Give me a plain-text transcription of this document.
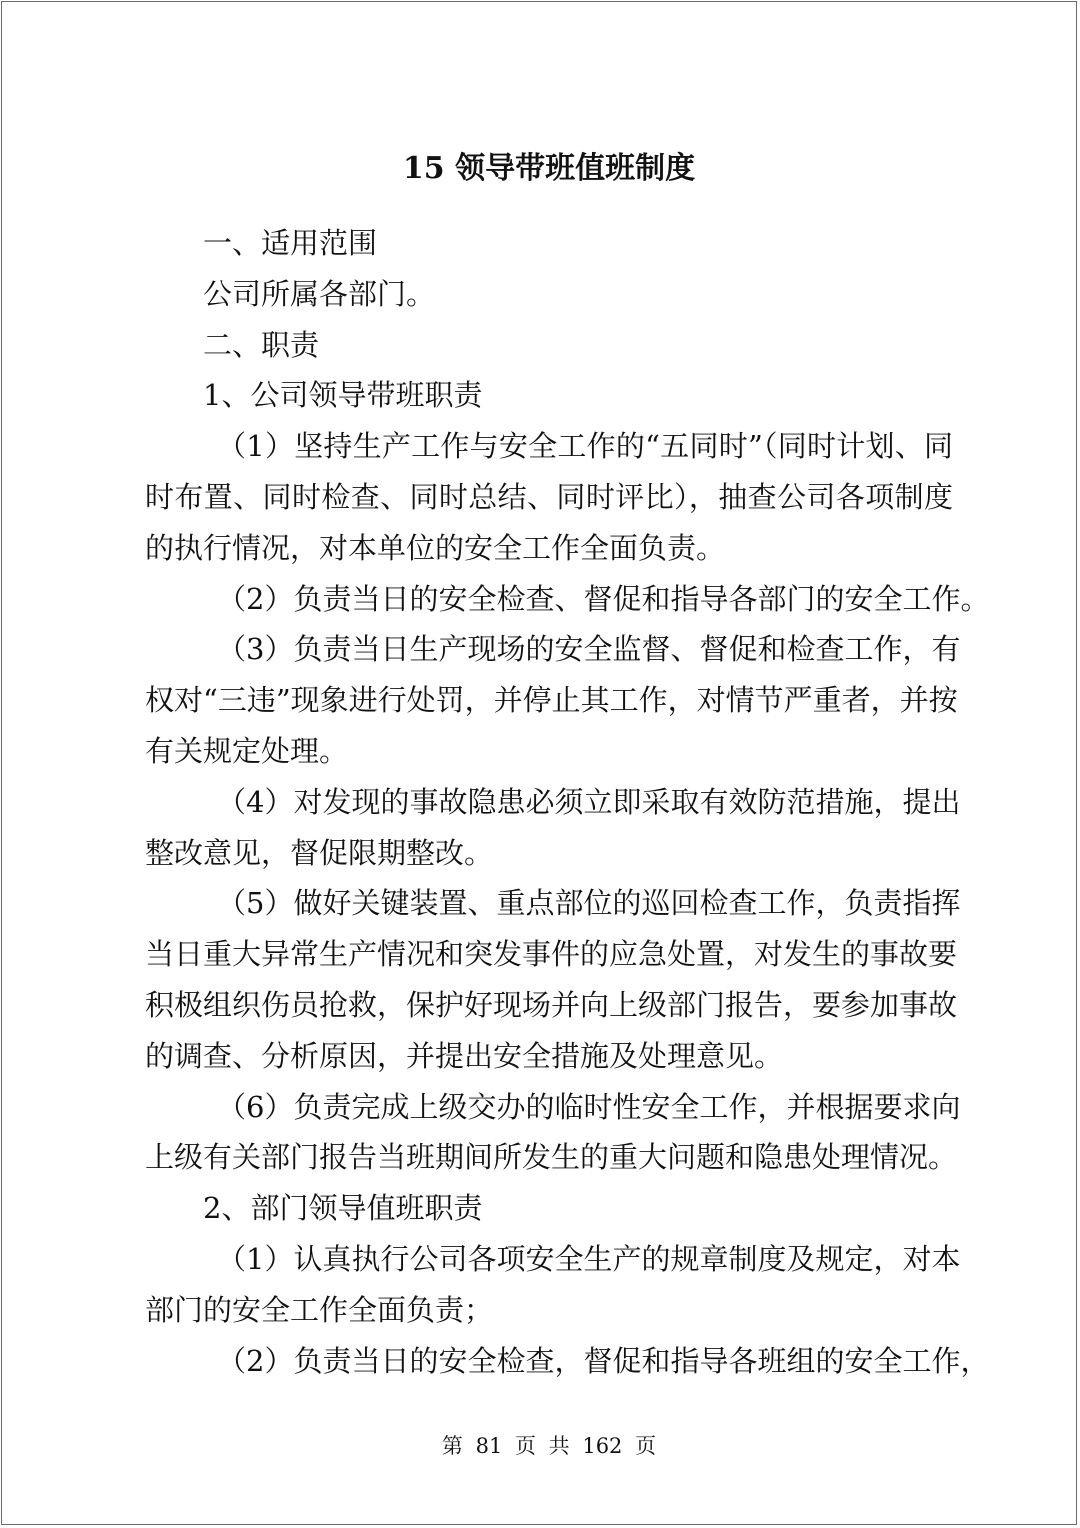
15 领导带班值班制度
一、适用范围
公司所属各部门。
二、职责
1、公司领导带班职责
（1）坚持生产工作与安全工作的“五同时”（同时计划、同
时布置、同时检查、同时总结、同时评比），抽查公司各项制度
的执行情况，对本单位的安全工作全面负责。
（2）负责当日的安全检查、督促和指导各部门的安全工作。
（3）负责当日生产现场的安全监督、督促和检查工作，有
权对“三违”现象进行处罚，并停止其工作，对情节严重者，并按
有关规定处理。
（4）对发现的事故隐患必须立即采取有效防范措施，提出
整改意见，督促限期整改。
（5）做好关键装置、重点部位的巡回检查工作，负责指挥
当日重大异常生产情况和突发事件的应急处置，对发生的事故要
积极组织伤员抢救，保护好现场并向上级部门报告，要参加事故
的调查、分析原因，并提出安全措施及处理意见。
（6）负责完成上级交办的临时性安全工作，并根据要求向
上级有关部门报告当班期间所发生的重大问题和隐患处理情况。
2、部门领导值班职责
（1）认真执行公司各项安全生产的规章制度及规定，对本
部门的安全工作全面负责；
（2）负责当日的安全检查，督促和指导各班组的安全工作，
第 81 页 共 162 页
